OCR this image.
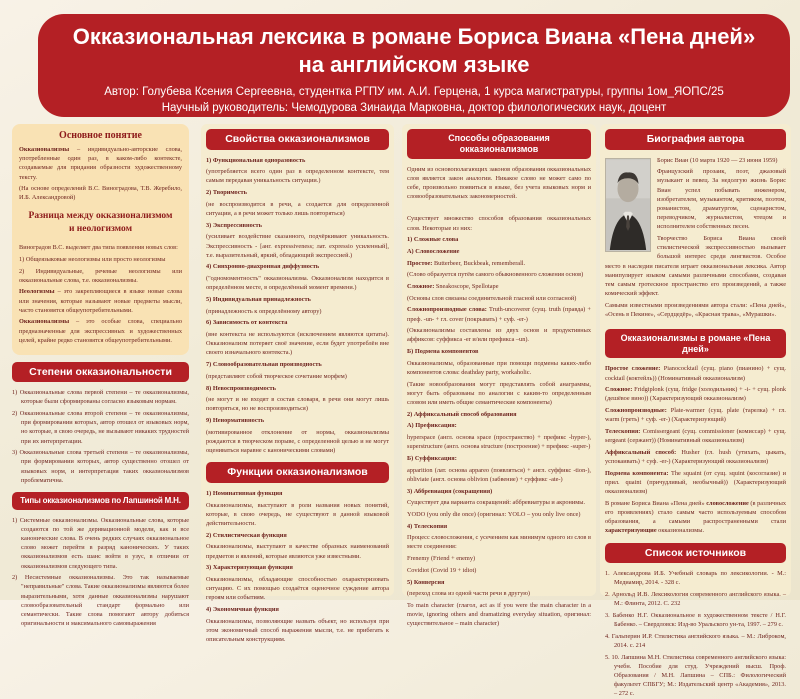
Окказиональная лексика в романе Бориса Виана «Пена дней» на английском языке
Автор: Голубева Ксения Сергеевна, студентка РГПУ им. А.И. Герцена, 1 курса магистратуры, группы 1ом_ЯОПС/25
Научный руководитель: Чемодурова Зинаида Марковна, доктор филологических наук, доцент
Основное понятие

Окказионализмы – индивидуально-авторские слова, употребленные один раз, в каком-либо контексте, создаваемые для придания образности художественному тексту.

(На основе определений В.С. Виноградова, Т.В. Жеребило, И.Б. Александровой)

Разница между окказионализмом и неологизмом

Виноградов В.С. выделяет два типа появления новых слов:

1) Общеязыковые неологизмы или просто неологизмы

2) Индивидуальные, речевые неологизмы или окказиональные слова, т.е. окказионализмы.

Неологизмы – это закрепляющиеся в языке новые слова или значения, которые называют новые предметы мысли, часто становятся общеупотребительными.

Окказионализмы – это особые слова, специально предназначенные для экспрессивных и художественных целей, крайне редко становятся общеупотребительными.

Степени окказиональности

1) Окказиональные слова первой степени – те окказионализмы, которые были сформированы согласно языковым нормам.

2) Окказиональные слова второй степени – те окказионализмы, при формировании которых, автор отошел от языковых норм, но которые, в свою очередь, не вызывают никаких трудностей при их интерпретации.

3) Окказиональные слова третьей степени – те окказионализмы, при формировании которых, автор существенно отошел от языковых норм, и интерпретация таких окказионализмов проблематична.

Типы окказионализмов по Лапшиной М.Н.

1) Системные окказионализмы. Окказиональные слова, которые создаются по той же деривационной модели, как и все канонические слова. В очень редких случаях окказиональное слово может перейти в разряд канонических. У таких окказионализмов есть шанс войти в узус, в отличии от окказионализмов следующего типа.

2) Несистемные окказионализмы. Это так называемые "неправильные" слова. Такие окказионализмы являются более выразительными, хотя данные окказионализмы нарушают словообразовательный стандарт формально или семантически. Такие слова помогают автору добиться оригинальности и максимального самовыражения

Свойства окказионализмов

1) Функциональная одноразовость

(употребляется всего один раз в определенном контексте, тем самым передавая уникальность ситуации.)

2) Творимость

(не воспроизводится в речи, а создается для определенной ситуации, а в речи может только лишь повторяться)

3) Экспрессивность

(усиливает воздействие сказанного, подчёркивают уникальность. Экспрессивность - [анг. expressiveness; лат. expressio усиленный], т.е. выразительный, яркий, обладающий экспрессией.)

4) Синхронно-диахронная диффузность

("одномоментность" окказионализма. Окказионализм находится в определённом месте, в определённый момент времени.)

5) Индивидуальная принадлежность

(принадлежность к определённому автору)

6) Зависимость от контекста

(вне контекста не используются (исключением являются цитаты). Окказионализм потеряет своё значение, если будет употреблён вне своего изначального контекста.)

7) Словообразовательная производность

(представляют собой творческое сочетание морфем)

8) Невоспроизводимость

(не могут и не входят в состав словаря, в речи они могут лишь повторяться, но не воспроизводиться)

9) Ненормативность

(мотивированное отклонение от нормы, окказионализмы рождаются в творческом порыве, с определенной целью и не могут оцениваться наравне с каноническими словами)

Функции окказионализмов

1) Номинативная функция

Окказионализмы, выступают в роли названия новых понятий, которые, в свою очередь, не существуют в данной языковой действительности.

2) Стилистическая функция

Окказионализмы, выступают в качестве образных наименований предметов и явлений, которые являются уже известными.

3) Характеризующая функция

Окказионализмы, обладающие способностью охарактеризовать ситуацию. С их помощью создаётся оценочное суждение автора героям или событиям.

4) Экономичная функция

Окказионализмы, позволяющие назвать объект, но используя при этом экономичный способ выражения мысли, т.е. не прибегать к описательным конструкциям.

Способы образования окказионализмов

Одним из основополагающих законов образования окказиональных слов является закон аналогии. Никакое слово не может само по себе, произвольно появиться в языке, без учета языковых норм и словообразовательных закономерностей.

Существует множество способов образования окказиональных слов. Некоторые из них:

1) Сложные слова

А) Словосложение

Простое: Butterbeer, Buckbeak, rememberall.

(Слово образуется путём самого обыкновенного сложения основ)

Сложное: Sneakoscope, Spellotape

(Основы слов связаны соединительной гласной или согласной)

Сложнопроизводные слова: Truth-uncoverer (сущ. truth (правда) + преф. -un- + гл. cover (покрывать) + суф. -er-)

(Окказионализмы составлены из двух основ и продуктивных аффиксов: суффикса -er и/или префикса –un).

Б) Подмена компонентов

Окказионализмы, образованные при помощи подмены каких-либо компонентов слова: deathday party, workaholic.

(Такие новообразования могут представлять собой анаграммы, могут быть образованы по аналогии с каким-то определенным словом или иметь общие семантические компоненты)

2) Аффиксальный способ образования

А) Префиксация:

hyperspace (англ. основа space (пространство) + префикс -hyper-), superstructure (англ. основа structure (построение) + префикс -super-)

Б) Суффиксация:

apparition (лат. основа appareo (появляться) + англ. суффикс -tion-), obliviate (англ. основа oblivion (забвение) + суффикс -ate-)

3) Аббревиация (сокращения)

Существует два варианта сокращений: аббревиатуры и акронимы.

YODO (you only die once) (оригинал: YOLO – you only live once)

4) Телескопия

Процесс словосложения, с усечением как минимум одного из слов в месте соединения:

Frenemy (Friend + enemy)

Covidiot (Covid 19 + idiot)

5) Конверсия

(переход слова из одной части речи в другую)

To main character (глагол, act as if you were the main character in a movie, ignoring others and dramatizing everyday situation, оригинал: существительное – main character)

Биография автора

Борис Виан (10 марта 1920 — 23 июня 1959)

Французский прозаик, поэт, джазовый музыкант и певец. За недолгую жизнь Борис Виан успел побывать инженером, изобретателем, музыкантом, критиком, поэтом, романистом, драматургом, сценаристом, переводчиком, журналистом, чтецом и исполнителем собственных песен.

Творчество Бориса Виана своей стилистической экспрессивностью вызывает большой интерес среди лингвистов. Особое место в наследии писателя играет окказиональная лексика. Автор манипулирует языком самыми различными способами, создавая тем самым гротескное пространство его произведений, а также комический эффект.

Самыми известными произведениями автора стали: «Пена дней», «Осень в Пекине», «Сердцедёр», «Красная трава», «Мурашки».

Окказионализмы в романе «Пена дней»

Простое сложение: Pianococktail (сущ. piano (пианино) + сущ. cocktail (коктейль)) (Номинативный окказионализм)

Сложное: Fridgiplonk (сущ. fridge (холодильник) + -i- + сущ. plonk (дешёвое вино)) (Характеризующий окказионализм)

Сложнопроизводные: Plate-warmer (сущ. plate (тарелка) + гл. warm (греть) + суф. -er-) (Характеризующий)

Телескопия: Comissergeant (сущ. commissioner (комиссар) + сущ. sergeant (сержант)) (Номинативный окказионализм)

Аффиксальный способ: Husher (гл. hush (утихать, цыкать, успокаивать) + суф. -er-) (Характеризующий окказионализм)

Подмена компонента: The squaint (от сущ. squint (косоглазие) и прил. quaint (причудливый, необычный)) (Характеризующий окказионализм)

В романе Бориса Виана «Пена дней» словосложение (в различных его проявлениях) стало самым часто используемым способом образования, а самыми распространенными стали характеризующие окказионализмы.

Список источников

1. Александрова И.Б. Учебный словарь по лексикологии. - М.: Медиамир, 2014. - 328 с.

2. Арнольд И.В. Лексикология современного английского языка. – М.: Флинта, 2012. С. 232

3. Бабенко Н.Г. Окказиональное в художественном тексте / Н.Г. Бабенко. – Свердловск: Изд-во Уральского ун-та, 1997. – 279 с.

4. Гальперин И.Р. Стилистика английского языка. – М.: Либроком, 2014. с. 214

5. 10. Лапшина М.Н. Стилистика современного английского языка: учебн. Пособие для студ. Учреждений высш. Проф. Образования / М.Н. Лапшина – СПБ.: Филологический факультет СПБГУ; М.: Издательский центр «Академия», 2013. – 272 с.
